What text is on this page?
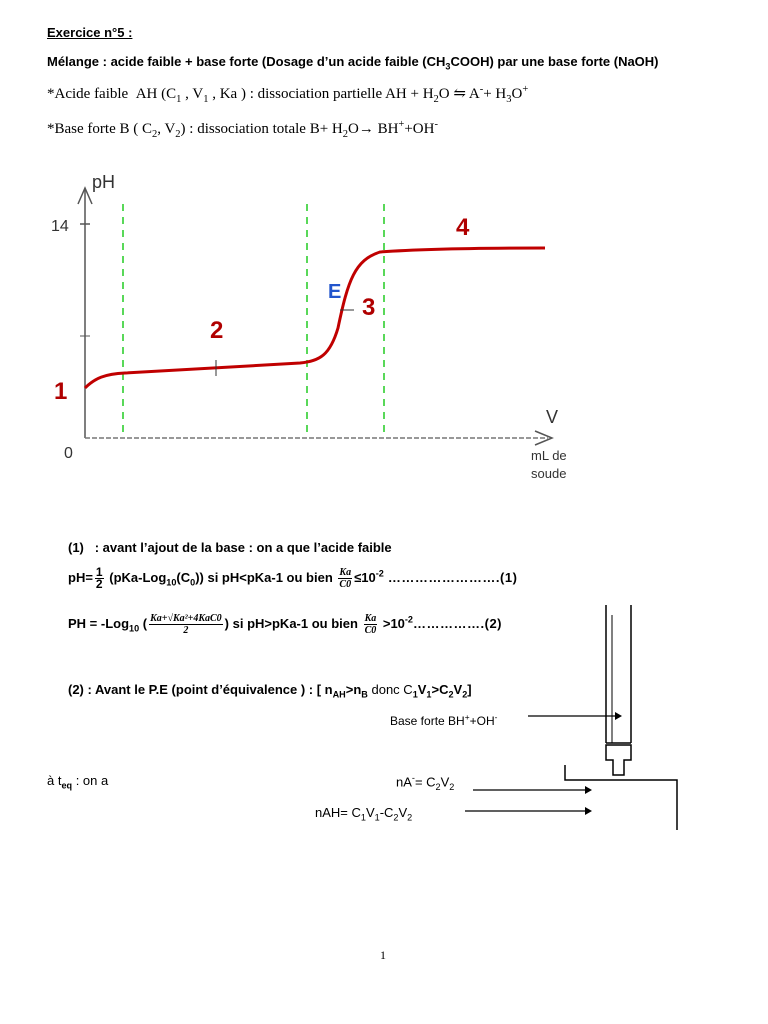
Exercice n°5 :
Mélange : acide faible + base forte (Dosage d’un acide faible $(CH_3COOH)$ par une base forte (NaOH)
*Acide faible AH ($C_1$ , $V_1$ , Ka ) : dissociation partielle AH + $H_2O$ ⇋ $A^-+ H_3O^+$
*Base forte B ( $C_2$, $V_2$) : dissociation totale $B+ H_2O\to BH^++OH^-$
pH
14
0
V
mL de
soude
1
2
3
4
E
(1) : avant l’ajout de la base : on a que l’acide faible
$pH= \frac{1}{2} (pKa-Log_{10}(C_0))$ si pH<pKa-1 ou bien $\frac{Ka}{C0} \le 10^{-2}$ …………………….(1)
PH = -Log$_{10}$ ( $\frac{\text{Ka+√Ka²+4KaC0}}{2}$ ) si pH>pKa-1 ou bien $\frac{Ka}{C0}$ $>10^{-2}\dots\dots\dots\dots\dots.(2)$
(2) : Avant le P.E (point d’équivalence ) : [ $n_{AH}>n_B$ donc $C_1V_1>C_2V_2$]
Base forte BH++OH-
à $t_{eq}$ : on a	$nA^-= C_2V_2$
$nAH= C_1V_1-C_2V_2$
1
